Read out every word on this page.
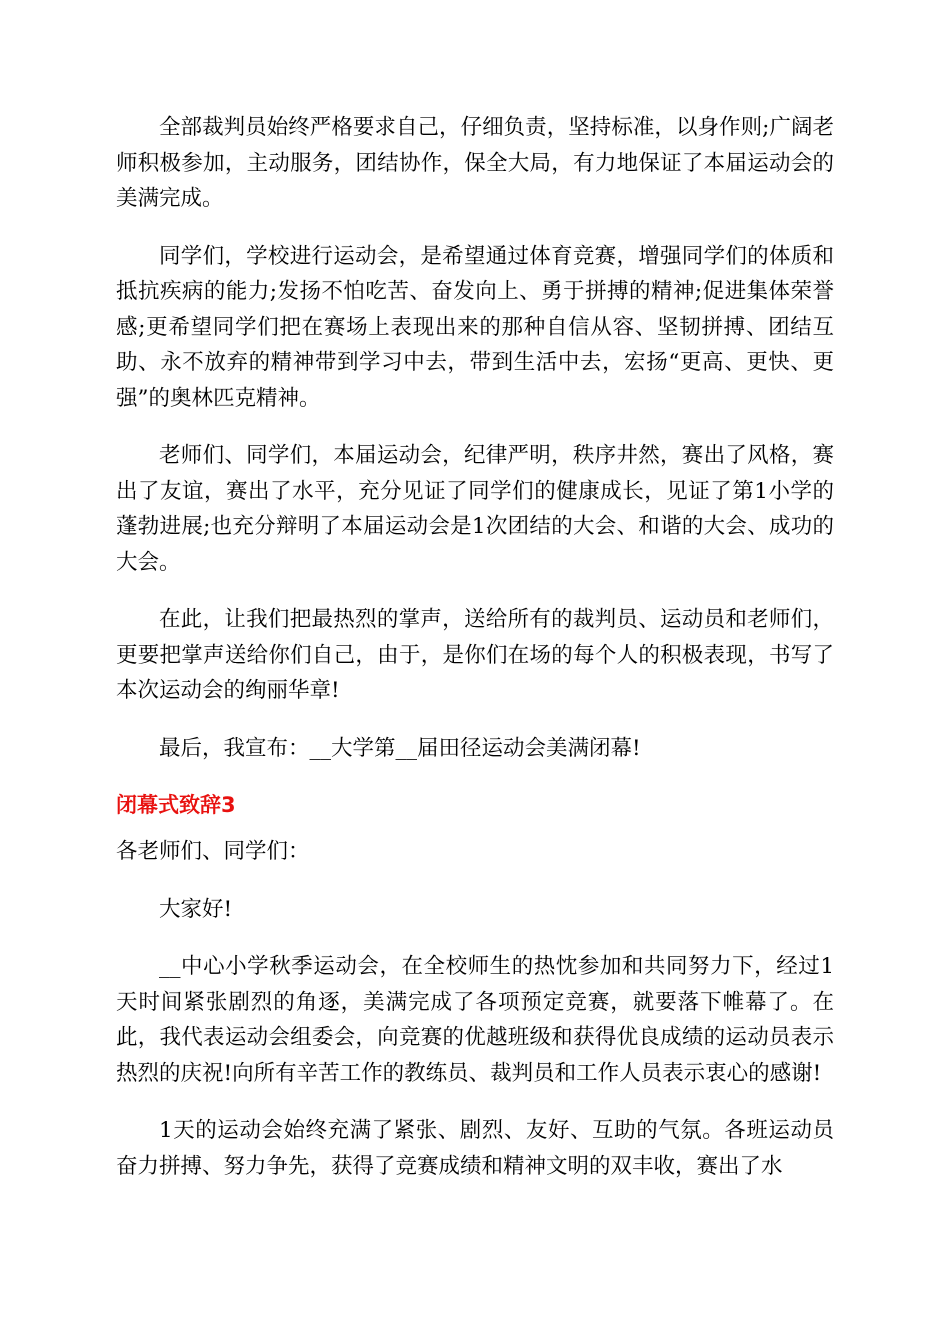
全部裁判员始终严格要求自己，仔细负责，坚持标准，以身作则;广阔老师积极参加，主动服务，团结协作，保全大局，有力地保证了本届运动会的美满完成。

同学们，学校进行运动会，是希望通过体育竞赛，增强同学们的体质和抵抗疾病的能力;发扬不怕吃苦、奋发向上、勇于拼搏的精神;促进集体荣誉感;更希望同学们把在赛场上表现出来的那种自信从容、坚韧拼搏、团结互助、永不放弃的精神带到学习中去，带到生活中去，宏扬“更高、更快、更强”的奥林匹克精神。

老师们、同学们，本届运动会，纪律严明，秩序井然，赛出了风格，赛出了友谊，赛出了水平，充分见证了同学们的健康成长，见证了第1小学的蓬勃进展;也充分辩明了本届运动会是1次团结的大会、和谐的大会、成功的大会。

在此，让我们把最热烈的掌声，送给所有的裁判员、运动员和老师们，更要把掌声送给你们自己，由于，是你们在场的每个人的积极表现，书写了本次运动会的绚丽华章!

最后，我宣布：__大学第__届田径运动会美满闭幕!

闭幕式致辞3

各老师们、同学们：

大家好!

__中心小学秋季运动会，在全校师生的热忱参加和共同努力下，经过1天时间紧张剧烈的角逐，美满完成了各项预定竞赛，就要落下帷幕了。在此，我代表运动会组委会，向竞赛的优越班级和获得优良成绩的运动员表示热烈的庆祝!向所有辛苦工作的教练员、裁判员和工作人员表示衷心的感谢!

1天的运动会始终充满了紧张、剧烈、友好、互助的气氛。各班运动员奋力拼搏、努力争先，获得了竞赛成绩和精神文明的双丰收，赛出了水
